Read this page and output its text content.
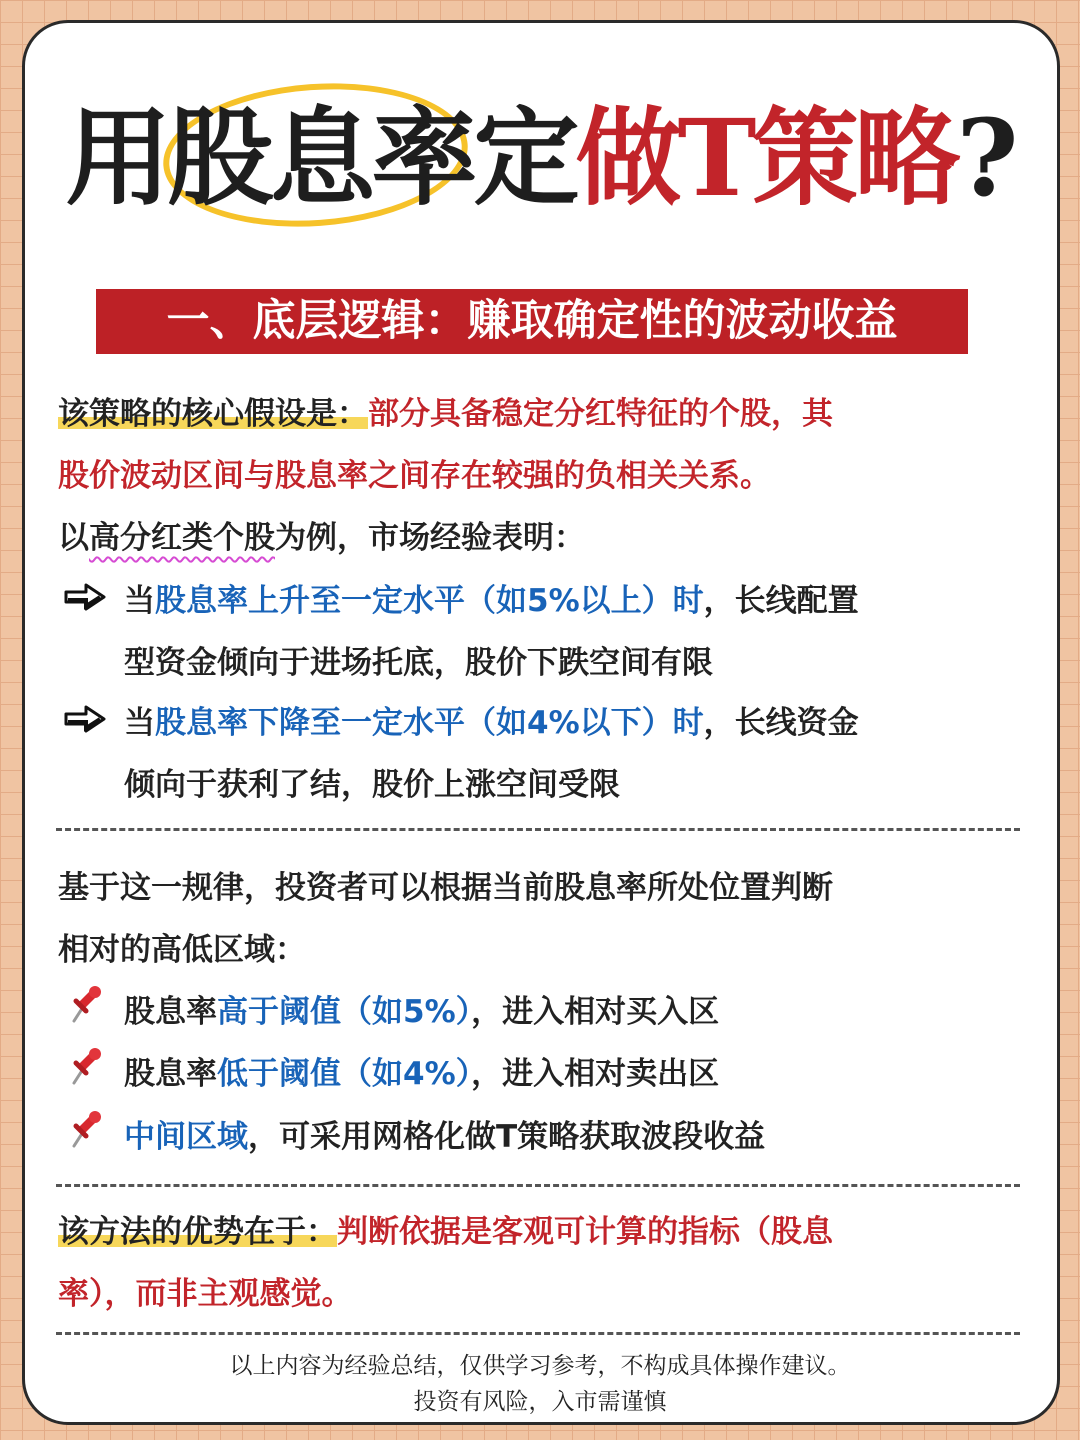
用股息率定做T策略?
一、底层逻辑：赚取确定性的波动收益
该策略的核心假设是：部分具备稳定分红特征的个股，其
股价波动区间与股息率之间存在较强的负相关关系。
以高分红类个股为例，市场经验表明：
当股息率上升至一定水平（如5%以上）时，长线配置
型资金倾向于进场托底，股价下跌空间有限
当股息率下降至一定水平（如4%以下）时，长线资金
倾向于获利了结，股价上涨空间受限
基于这一规律，投资者可以根据当前股息率所处位置判断
相对的高低区域：
股息率高于阈值（如5%），进入相对买入区
股息率低于阈值（如4%），进入相对卖出区
中间区域，可采用网格化做T策略获取波段收益
该方法的优势在于：判断依据是客观可计算的指标（股息
率），而非主观感觉。
以上内容为经验总结，仅供学习参考，不构成具体操作建议。
投资有风险，入市需谨慎
